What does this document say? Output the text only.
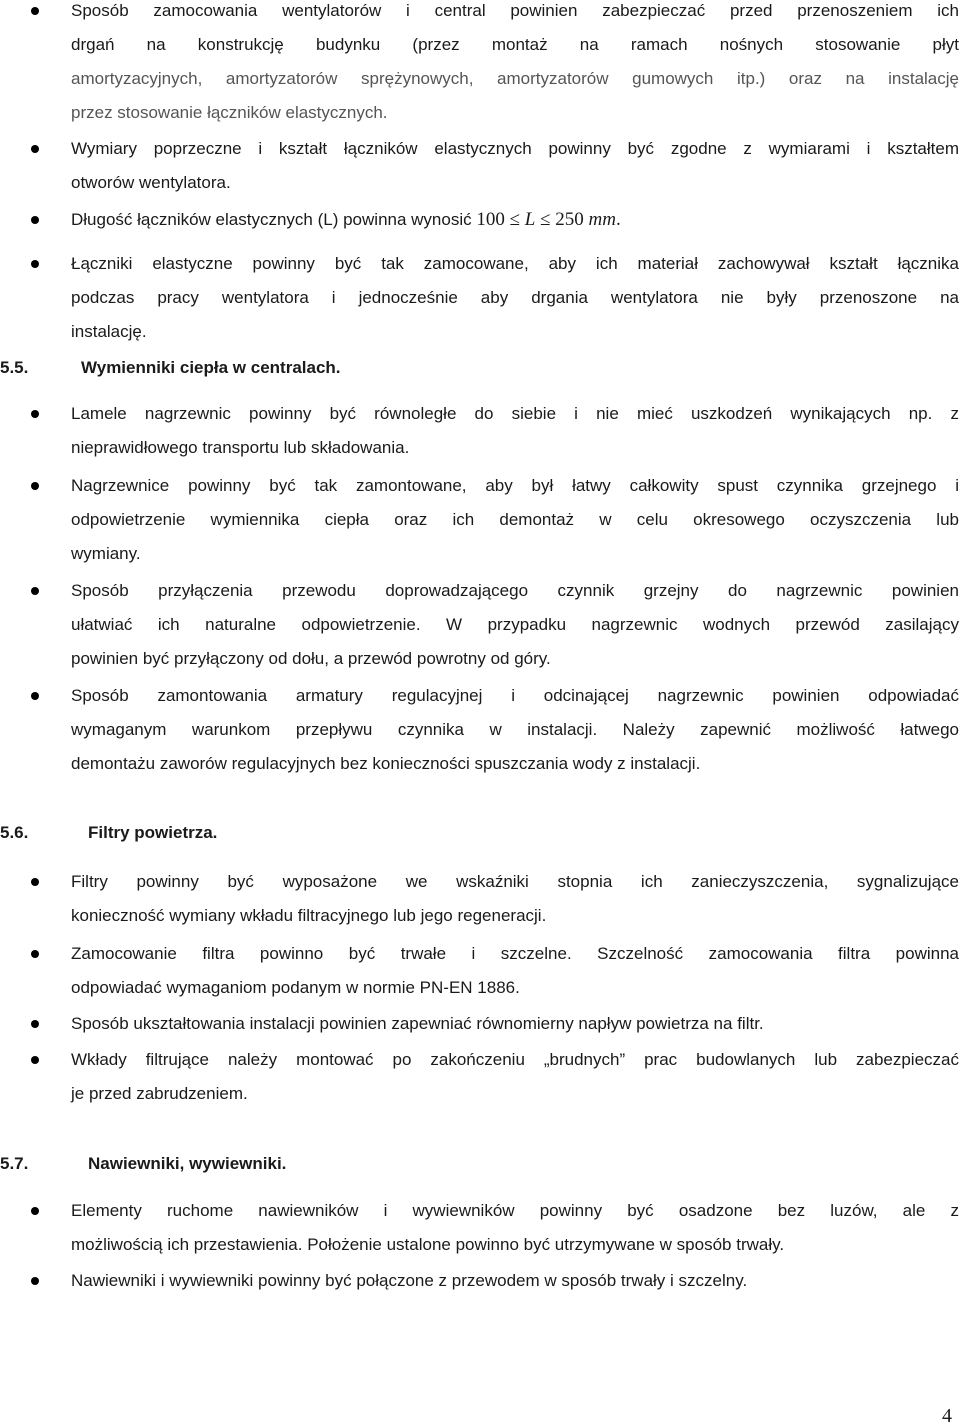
Sposób zamocowania wentylatorów i central powinien zabezpieczać przed przenoszeniem ich
drgań na konstrukcję budynku (przez montaż na ramach nośnych stosowanie płyt
amortyzacyjnych, amortyzatorów sprężynowych, amortyzatorów gumowych itp.) oraz na instalację
przez stosowanie łączników elastycznych.
Wymiary poprzeczne i kształt łączników elastycznych powinny być zgodne z wymiarami i kształtem
otworów wentylatora.
Długość łączników elastycznych (L) powinna wynosić 100 ≤ L ≤ 250 mm.
Łączniki elastyczne powinny być tak zamocowane, aby ich materiał zachowywał kształt łącznika
podczas pracy wentylatora i jednocześnie aby drgania wentylatora nie były przenoszone na
instalację.
5.5.	Wymienniki ciepła w centralach.
Lamele nagrzewnic powinny być równoległe do siebie i nie mieć uszkodzeń wynikających np. z
nieprawidłowego transportu lub składowania.
Nagrzewnice powinny być tak zamontowane, aby był łatwy całkowity spust czynnika grzejnego i
odpowietrzenie wymiennika ciepła oraz ich demontaż w celu okresowego oczyszczenia lub
wymiany.
Sposób przyłączenia przewodu doprowadzającego czynnik grzejny do nagrzewnic powinien
ułatwiać ich naturalne odpowietrzenie. W przypadku nagrzewnic wodnych przewód zasilający
powinien być przyłączony od dołu, a przewód powrotny od góry.
Sposób zamontowania armatury regulacyjnej i odcinającej nagrzewnic powinien odpowiadać
wymaganym warunkom przepływu czynnika w instalacji. Należy zapewnić możliwość łatwego
demontażu zaworów regulacyjnych bez konieczności spuszczania wody z instalacji.
5.6.	Filtry powietrza.
Filtry powinny być wyposażone we wskaźniki stopnia ich zanieczyszczenia, sygnalizujące
konieczność wymiany wkładu filtracyjnego lub jego regeneracji.
Zamocowanie filtra powinno być trwałe i szczelne. Szczelność zamocowania filtra powinna
odpowiadać wymaganiom podanym w normie PN-EN 1886.
Sposób ukształtowania instalacji powinien zapewniać równomierny napływ powietrza na filtr.
Wkłady filtrujące należy montować po zakończeniu „brudnych” prac budowlanych lub zabezpieczać
je przed zabrudzeniem.
5.7.	Nawiewniki, wywiewniki.
Elementy ruchome nawiewników i wywiewników powinny być osadzone bez luzów, ale z
możliwością ich przestawienia. Położenie ustalone powinno być utrzymywane w sposób trwały.
Nawiewniki i wywiewniki powinny być połączone z przewodem w sposób trwały i szczelny.
4
